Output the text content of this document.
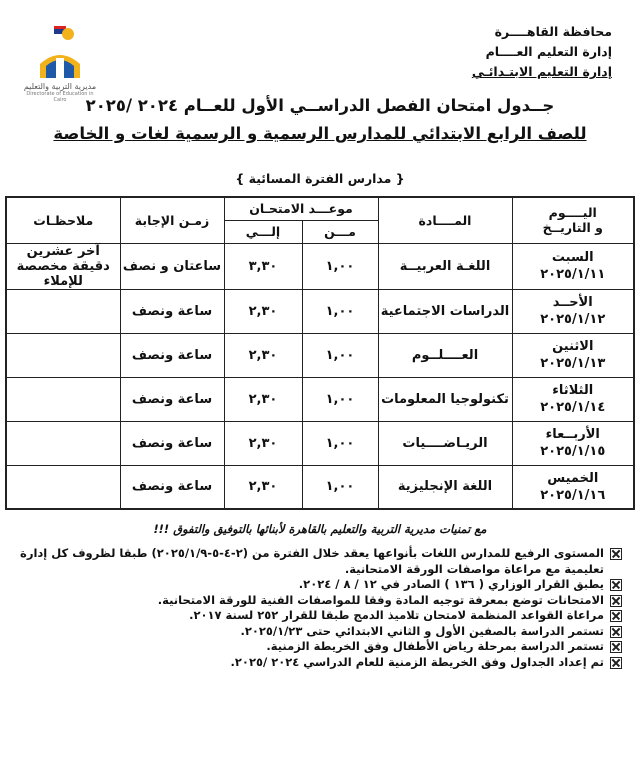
محافظة القاهــــرة
إدارة التعليم العــــام
إدارة التعليم الابتـدائـي
مديرية التربية والتعليم
Directorate of Education in Cairo	جــدول امتحان الفصل الدراســي الأول للعــام ٢٠٢٤ /٢٠٢٥
للصف الرابع الابتدائي للمدارس الرسمية و الرسمية لغات و الخاصة
{ مدارس الفترة المسائية }
اليــــوم
و التاريــخ	المــــادة	موعـــد الامتحـان		زمـن الإجابة	ملاحظـات
		مـــن	إلـــي		

السبت
٢٠٢٥/١/١١	اللغـة العربيــة	١,٠٠	٣,٣٠	ساعتان و نصف	آخر عشرين دقيقة مخصصة للإملاء

الأحــد
٢٠٢٥/١/١٢	الدراسات الاجتماعية	١,٠٠	٢,٣٠	ساعة ونصف	

الاثنين
٢٠٢٥/١/١٣	العــــلــوم	١,٠٠	٢,٣٠	ساعة ونصف	

الثلاثاء
٢٠٢٥/١/١٤	تكنولوجيا المعلومات	١,٠٠	٢,٣٠	ساعة ونصف	

الأربــعاء
٢٠٢٥/١/١٥	الريـاضــــيات	١,٠٠	٢,٣٠	ساعة ونصف	

الخميس
٢٠٢٥/١/١٦	اللغة الإنجليزية	١,٠٠	٢,٣٠	ساعة ونصف	
مع تمنيات مديرية التربية والتعليم بالقاهرة لأبنائها بالتوفيق والتفوق !!!
المستوى الرفيع للمدارس اللغات بأنواعها يعقد خلال الفترة من (٢-٤-٥-٢٠٢٥/١/٩) طبقا لظروف كل إدارة تعليمية مع مراعاة مواصفات الورقة الامتحانية.
يطبق القرار الوزاري ( ١٣٦ ) الصادر في ١٢ / ٨ / ٢٠٢٤.
الامتحانات توضع بمعرفة توجيه المادة وفقا للمواصفات الفنية للورقة الامتحانية.
مراعاة القواعد المنظمة لامتحان تلاميذ الدمج طبقا للقرار ٢٥٢ لسنة ٢٠١٧.
تستمر الدراسة بالصفين الأول و الثاني الابتدائي حتى ٢٠٢٥/١/٢٣.
تستمر الدراسة بمرحلة رياض الأطفال وفق الخريطة الزمنية.
تم إعداد الجداول وفق الخريطة الزمنية للعام الدراسي ٢٠٢٤ /٢٠٢٥.
